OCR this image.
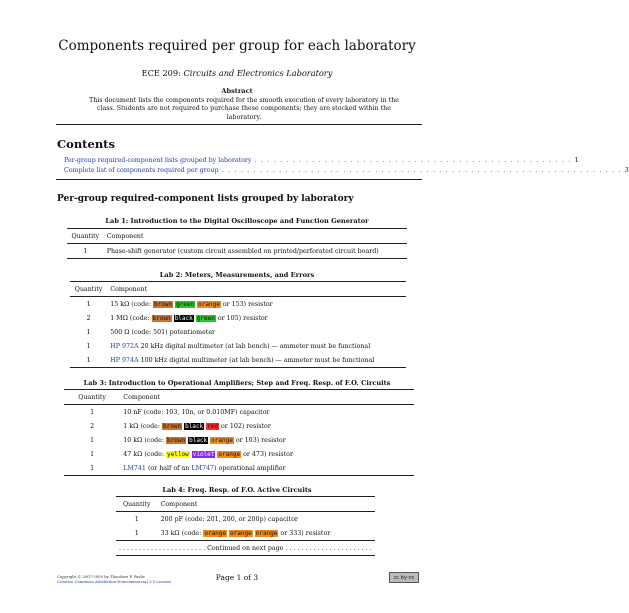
Components required per group for each laboratory
ECE 209: Circuits and Electronics Laboratory
Abstract
This document lists the components required for the smooth execution of every laboratory in the class. Students are not required to purchase these components; they are stocked within the laboratory.
Contents
Per-group required-component lists grouped by laboratory . . . . . . . . . . . . . . . . . . . . . . . . . . . . . . . . . . . . . . . . . . . . . . . . . . 1
Complete list of components required per group . . . . . . . . . . . . . . . . . . . . . . . . . . . . . . . . . . . . . . . . . . . . . . . . . . . . . . . . . . . . . . . 3
Per-group required-component lists grouped by laboratory
Lab 1: Introduction to the Digital Oscilloscope and Function Generator
Quantity	Component
1	Phase-shift generator (custom circuit assembled on printed/perforated circuit board)
Lab 2: Meters, Measurements, and Errors
Quantity	Component
1	15 kΩ (code: brown green orange or 153) resistor
2	1 MΩ (code: brown black green or 105) resistor
1	500 Ω (code: 501) potentiometer
1	HP 972A 20 kHz digital multimeter (at lab bench) — ammeter must be functional
1	HP 974A 100 kHz digital multimeter (at lab bench) — ammeter must be functional
Lab 3: Introduction to Operational Amplifiers; Step and Freq. Resp. of F.O. Circuits
Quantity	Component
1	10 nF (code: 103, 10n, or 0.010MF) capacitor
2	1 kΩ (code: brown black red or 102) resistor
1	10 kΩ (code: brown black orange or 103) resistor
1	47 kΩ (code: yellow violet orange or 473) resistor
1	LM741 (or half of an LM747) operational amplifier
Lab 4: Freq. Resp. of F.O. Active Circuits
Quantity	Component
1	200 pF (code: 201, 200, or 200p) capacitor
1	33 kΩ (code: orange orange orange or 333) resistor
. . . . . . . . . . . . . . . . . . . . . . Continued on next page . . . . . . . . . . . . . . . . . . . . . .	
Copyright © 2007-2009 by Theodore P. Pavlic
Creative Commons Attribution-Noncommercial 3.0 License	Page 1 of 3	cc by-nc
